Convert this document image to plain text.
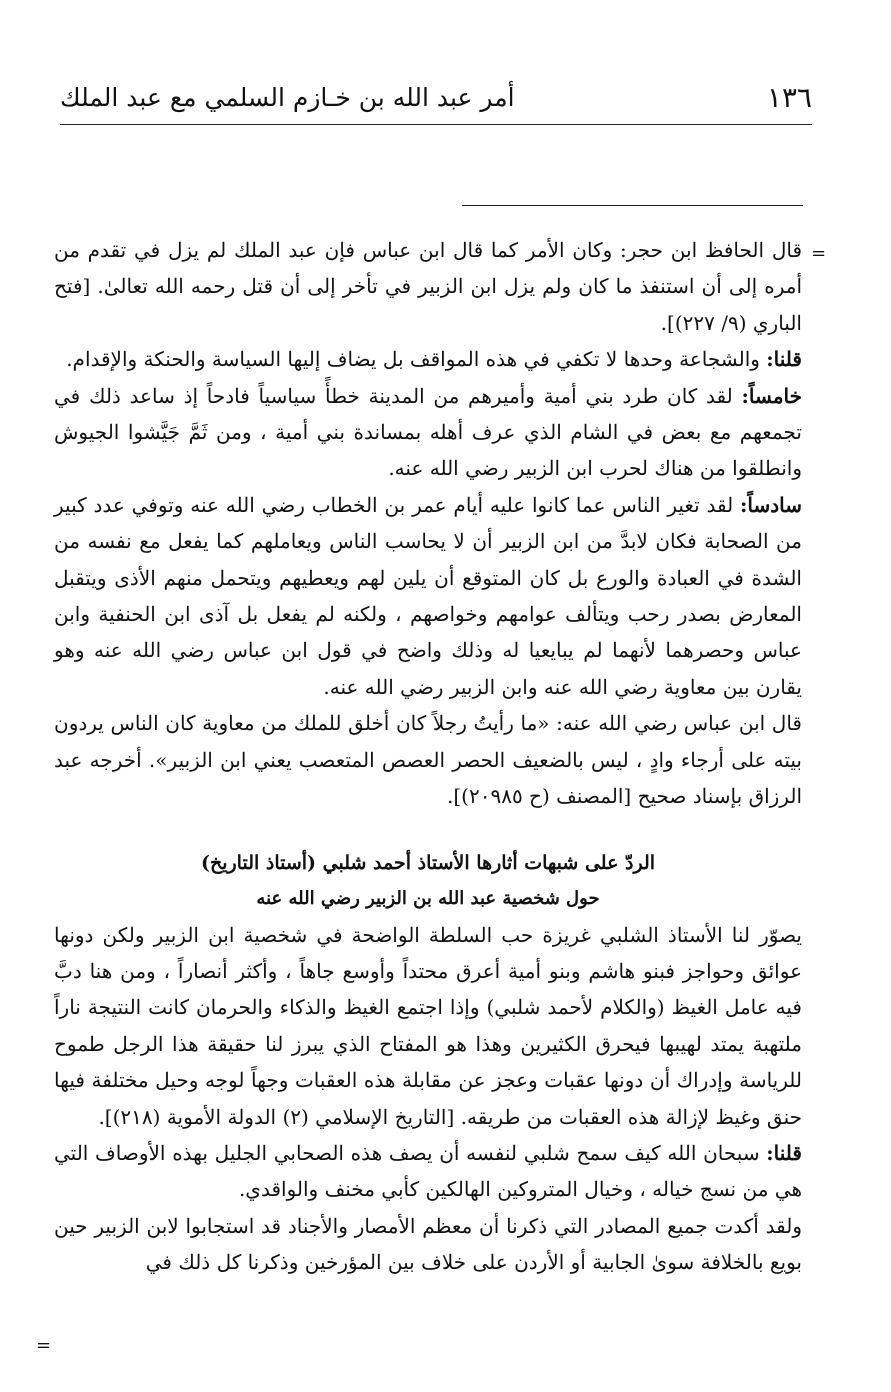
١٣٦
أمر عبد الله بن خـازم السلمي مع عبد الملك
=
=

قال الحافظ ابن حجر: وكان الأمر كما قال ابن عباس فإن عبد الملك لم يزل في تقدم من أمره إلى أن استنفذ ما كان ولم يزل ابن الزبير في تأخر إلى أن قتل رحمه الله تعالىٰ. [فتح الباري (٩/ ٢٢٧)].

قلنا: والشجاعة وحدها لا تكفي في هذه المواقف بل يضاف إليها السياسة والحنكة والإقدام.

خامساً: لقد كان طرد بني أمية وأميرهم من المدينة خطأً سياسياً فادحاً إذ ساعد ذلك في تجمعهم مع بعض في الشام الذي عرف أهله بمساندة بني أمية ، ومن ثَمَّ جَيَّشوا الجيوش وانطلقوا من هناك لحرب ابن الزبير رضي الله عنه.

سادساً: لقد تغير الناس عما كانوا عليه أيام عمر بن الخطاب رضي الله عنه وتوفي عدد كبير من الصحابة فكان لابدَّ من ابن الزبير أن لا يحاسب الناس ويعاملهم كما يفعل مع نفسه من الشدة في العبادة والورع بل كان المتوقع أن يلين لهم ويعطيهم ويتحمل منهم الأذى ويتقبل المعارض بصدر رحب ويتألف عوامهم وخواصهم ، ولكنه لم يفعل بل آذى ابن الحنفية وابن عباس وحصرهما لأنهما لم يبايعيا له وذلك واضح في قول ابن عباس رضي الله عنه وهو يقارن بين معاوية رضي الله عنه وابن الزبير رضي الله عنه.

قال ابن عباس رضي الله عنه: «ما رأيتُ رجلاً كان أخلق للملك من معاوية كان الناس يردون بيته على أرجاء وادٍ ، ليس بالضعيف الحصر العصص المتعصب يعني ابن الزبير». أخرجه عبد الرزاق بإسناد صحيح [المصنف (ح ٢٠٩٨٥)].

الردّ على شبهات أثارها الأستاذ أحمد شلبي (أستاذ التاريخ)
حول شخصية عبد الله بن الزبير رضي الله عنه

يصوّر لنا الأستاذ الشلبي غريزة حب السلطة الواضحة في شخصية ابن الزبير ولكن دونها عوائق وحواجز فبنو هاشم وبنو أمية أعرق محتداً وأوسع جاهاً ، وأكثر أنصاراً ، ومن هنا دبَّ فيه عامل الغيظ (والكلام لأحمد شلبي) وإذا اجتمع الغيظ والذكاء والحرمان كانت النتيجة ناراً ملتهبة يمتد لهيبها فيحرق الكثيرين وهذا هو المفتاح الذي يبرز لنا حقيقة هذا الرجل طموح للرياسة وإدراك أن دونها عقبات وعجز عن مقابلة هذه العقبات وجهاً لوجه وحيل مختلفة فيها حنق وغيظ لإزالة هذه العقبات من طريقه. [التاريخ الإسلامي (٢) الدولة الأموية (٢١٨)].

قلنا: سبحان الله كيف سمح شلبي لنفسه أن يصف هذه الصحابي الجليل بهذه الأوصاف التي هي من نسج خياله ، وخيال المتروكين الهالكين كأبي مخنف والواقدي.

ولقد أكدت جميع المصادر التي ذكرنا أن معظم الأمصار والأجناد قد استجابوا لابن الزبير حين بويع بالخلافة سوىٰ الجابية أو الأردن على خلاف بين المؤرخين وذكرنا كل ذلك في
